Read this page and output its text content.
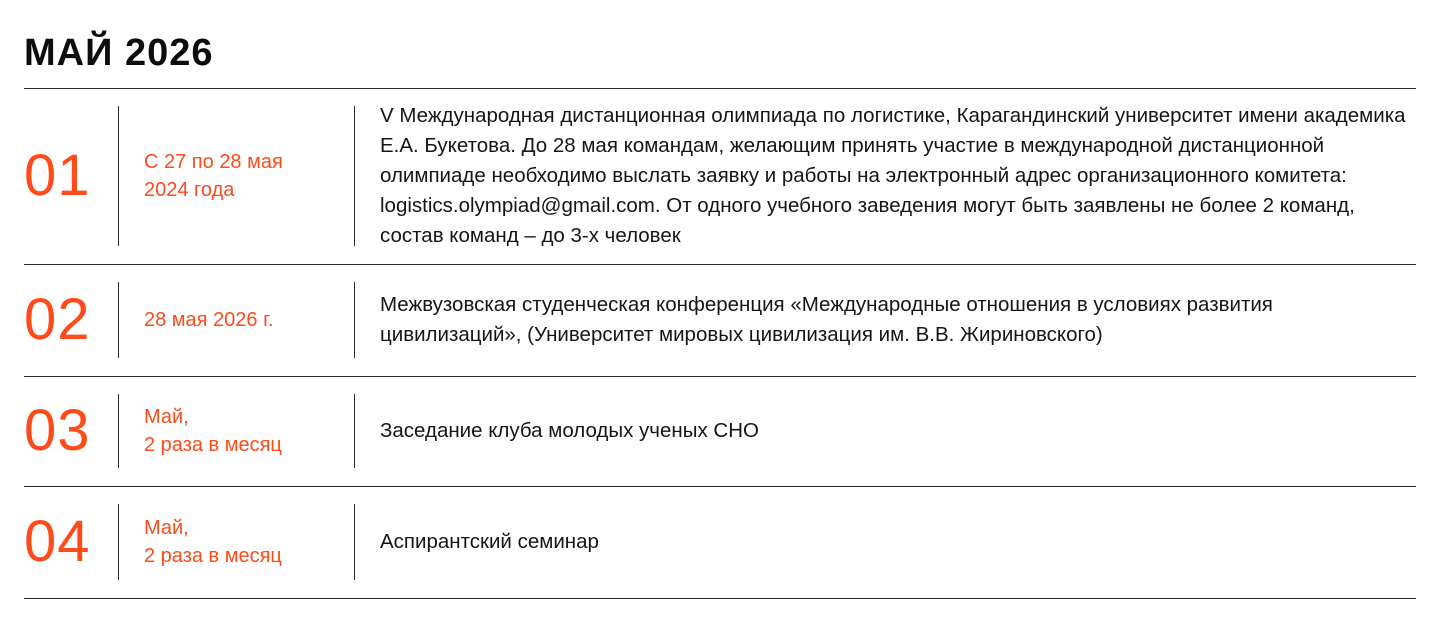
МАЙ 2026
01	С 27 по 28 мая
2024 года
V Международная дистанционная олимпиада по логистике, Карагандинский университет имени академика Е.А. Букетова. До 28 мая командам, желающим принять участие в международной дистанционной олимпиаде необходимо выслать заявку и работы на электронный адрес организационного комитета: logistics.olympiad@gmail.com. От одного учебного заведения могут быть заявлены не более 2 команд, состав команд – до 3-х человек
02	28 мая 2026 г.
Межвузовская студенческая конференция «Международные отношения в условиях развития цивилизаций», (Университет мировых цивилизация им. В.В. Жириновского)
03	Май,
2 раза в месяц
Заседание клуба молодых ученых СНО
04	Май,
2 раза в месяц
Аспирантский семинар
